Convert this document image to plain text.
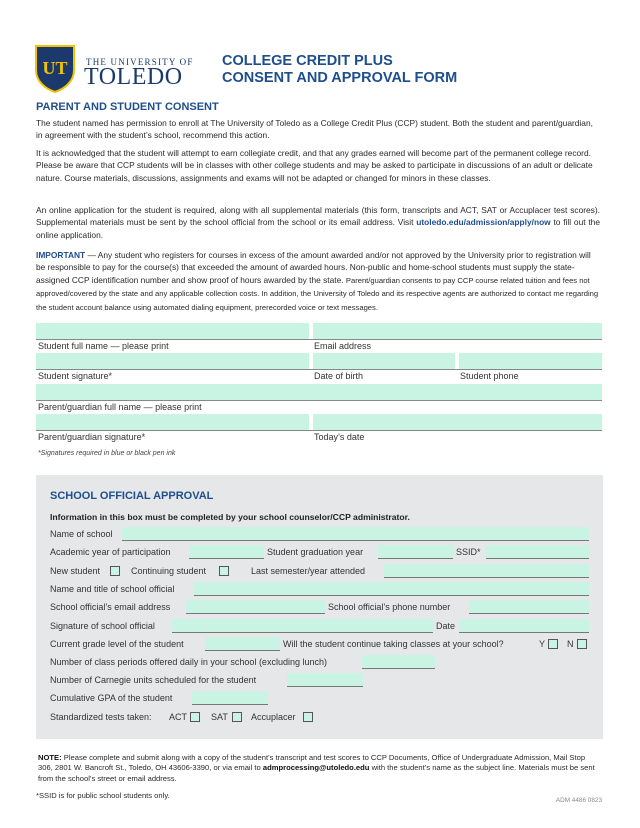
UT THE UNIVERSITY OF
TOLEDO
COLLEGE CREDIT PLUS
CONSENT AND APPROVAL FORM
PARENT AND STUDENT CONSENT
The student named has permission to enroll at The University of Toledo as a College Credit Plus (CCP) student. Both the student and parent/guardian, in agreement with the student’s school, recommend this action.
It is acknowledged that the student will attempt to earn collegiate credit, and that any grades earned will become part of the permanent college record. Please be aware that CCP students will be in classes with other college students and may be asked to participate in discussions of an adult or delicate nature. Course materials, discussions, assignments and exams will not be adapted or changed for minors in these classes.
An online application for the student is required, along with all supplemental materials (this form, transcripts and ACT, SAT or Accuplacer test scores). Supplemental materials must be sent by the school official from the school or its email address. Visit utoledo.edu/admission/apply/now to fill out the online application.
IMPORTANT — Any student who registers for courses in excess of the amount awarded and/or not approved by the University prior to registration will be responsible to pay for the course(s) that exceeded the amount of awarded hours. Non-public and home-school students must supply the state-assigned CCP identification number and show proof of hours awarded by the state. Parent/guardian consents to pay CCP course related tuition and fees not approved/covered by the state and any applicable collection costs. In addition, the University of Toledo and its respective agents are authorized to contact me regarding the student account balance using automated dialing equipment, prerecorded voice or text messages.
Student full name — please print	Email address
Student signature*	Date of birth	Student phone
Parent/guardian full name — please print
Parent/guardian signature*	Today’s date
*Signatures required in blue or black pen ink
SCHOOL OFFICIAL APPROVAL
Information in this box must be completed by your school counselor/CCP administrator.
Name of school
Academic year of participation	Student graduation year	SSID*
New student	Continuing student	Last semester/year attended
Name and title of school official
School official’s email address	School official’s phone number
Signature of school official	Date
Current grade level of the student	Will the student continue taking classes at your school?	Y N
Number of class periods offered daily in your school (excluding lunch)
Number of Carnegie units scheduled for the student
Cumulative GPA of the student
Standardized tests taken: ACT	SAT	Accuplacer
NOTE: Please complete and submit along with a copy of the student’s transcript and test scores to CCP Documents, Office of Undergraduate Admission, Mail Stop 306, 2801 W. Bancroft St., Toledo, OH 43606-3390, or via email to admprocessing@utoledo.edu with the student’s name as the subject line. Materials must be sent from the school’s street or email address.
*SSID is for public school students only.
ADM 4486 0823
